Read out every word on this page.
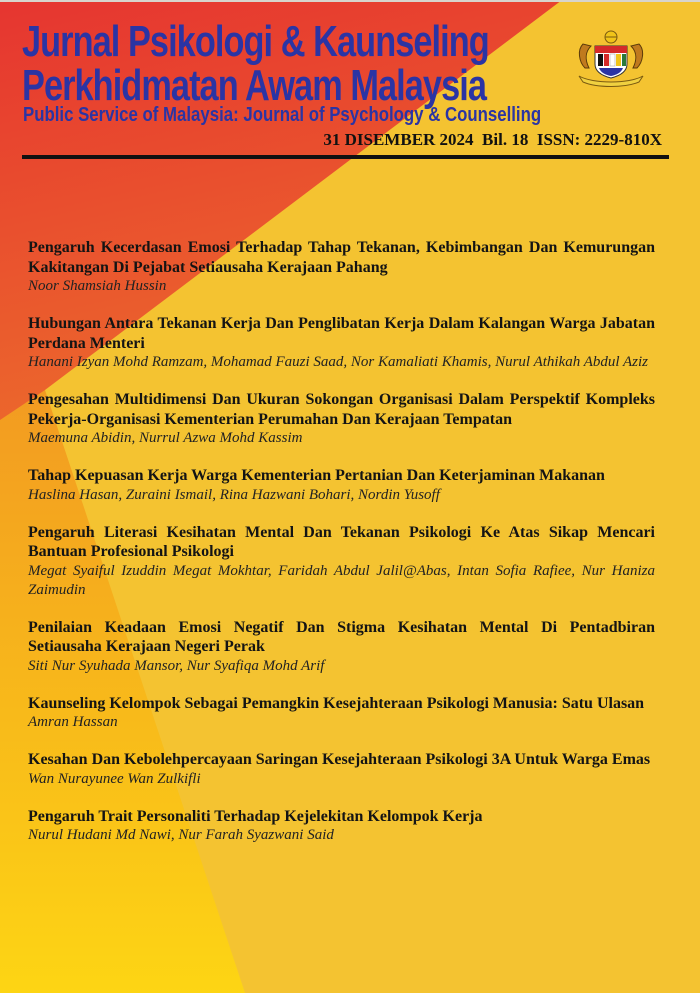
Jurnal Psikologi & Kaunseling
Perkhidmatan Awam Malaysia
Public Service of Malaysia: Journal of Psychology & Counselling
31 DISEMBER 2024  Bil. 18  ISSN: 2229-810X
Pengaruh Kecerdasan Emosi Terhadap Tahap Tekanan, Kebimbangan Dan Kemurungan Kakitangan Di Pejabat Setiausaha Kerajaan Pahang
Noor Shamsiah Hussin
Hubungan Antara Tekanan Kerja Dan Penglibatan Kerja Dalam Kalangan Warga Jabatan Perdana Menteri
Hanani Izyan Mohd Ramzam, Mohamad Fauzi Saad, Nor Kamaliati Khamis, Nurul Athikah Abdul Aziz
Pengesahan Multidimensi Dan Ukuran Sokongan Organisasi Dalam Perspektif Kompleks Pekerja-Organisasi Kementerian Perumahan Dan Kerajaan Tempatan
Maemuna Abidin, Nurrul Azwa Mohd Kassim
Tahap Kepuasan Kerja Warga Kementerian Pertanian Dan Keterjaminan Makanan
Haslina Hasan, Zuraini Ismail, Rina Hazwani Bohari, Nordin Yusoff
Pengaruh Literasi Kesihatan Mental Dan Tekanan Psikologi Ke Atas Sikap Mencari Bantuan Profesional Psikologi
Megat Syaiful Izuddin Megat Mokhtar, Faridah Abdul Jalil@Abas, Intan Sofia Rafiee, Nur Haniza Zaimudin
Penilaian Keadaan Emosi Negatif Dan Stigma Kesihatan Mental Di Pentadbiran Setiausaha Kerajaan Negeri Perak
Siti Nur Syuhada Mansor, Nur Syafiqa Mohd Arif
Kaunseling Kelompok Sebagai Pemangkin Kesejahteraan Psikologi Manusia: Satu Ulasan
Amran Hassan
Kesahan Dan Kebolehpercayaan Saringan Kesejahteraan Psikologi 3A Untuk Warga Emas
Wan Nurayunee Wan Zulkifli
Pengaruh Trait Personaliti Terhadap Kejelekitan Kelompok Kerja
Nurul Hudani Md Nawi, Nur Farah Syazwani Said
